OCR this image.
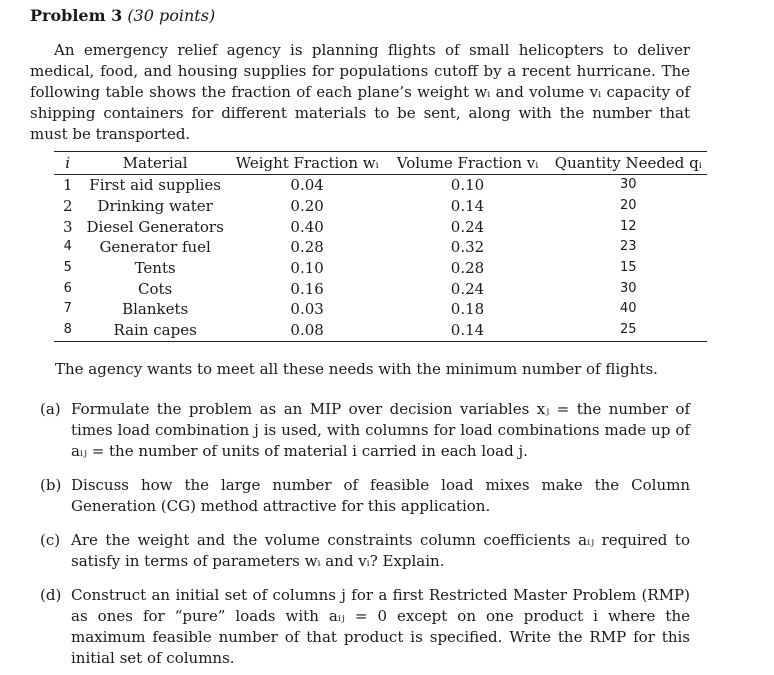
Problem 3 (30 points)

An emergency relief agency is planning flights of small helicopters to deliver medical, food, and housing supplies for populations cutoff by a recent hurricane. The following table shows the fraction of each plane’s weight wᵢ and volume vᵢ capacity of shipping containers for different materials to be sent, along with the number that must be transported.

i	Material	Weight Fraction wᵢ	Volume Fraction vᵢ	Quantity Needed qᵢ
1	First aid supplies	0.04	0.10	30
2	Drinking water	0.20	0.14	20
3	Diesel Generators	0.40	0.24	12
4	Generator fuel	0.28	0.32	23
5	Tents	0.10	0.28	15
6	Cots	0.16	0.24	30
7	Blankets	0.03	0.18	40
8	Rain capes	0.08	0.14	25
The agency wants to meet all these needs with the minimum number of flights.
(a) Formulate the problem as an MIP over decision variables xⱼ = the number of times load combination j is used, with columns for load combinations made up of aᵢⱼ = the number of units of material i carried in each load j.
(b) Discuss how the large number of feasible load mixes make the Column Generation (CG) method attractive for this application.
(c) Are the weight and the volume constraints column coefficients aᵢⱼ required to satisfy in terms of parameters wᵢ and vᵢ? Explain.
(d) Construct an initial set of columns j for a first Restricted Master Problem (RMP) as ones for “pure” loads with aᵢⱼ = 0 except on one product i where the maximum feasible number of that product is specified. Write the RMP for this initial set of columns.
